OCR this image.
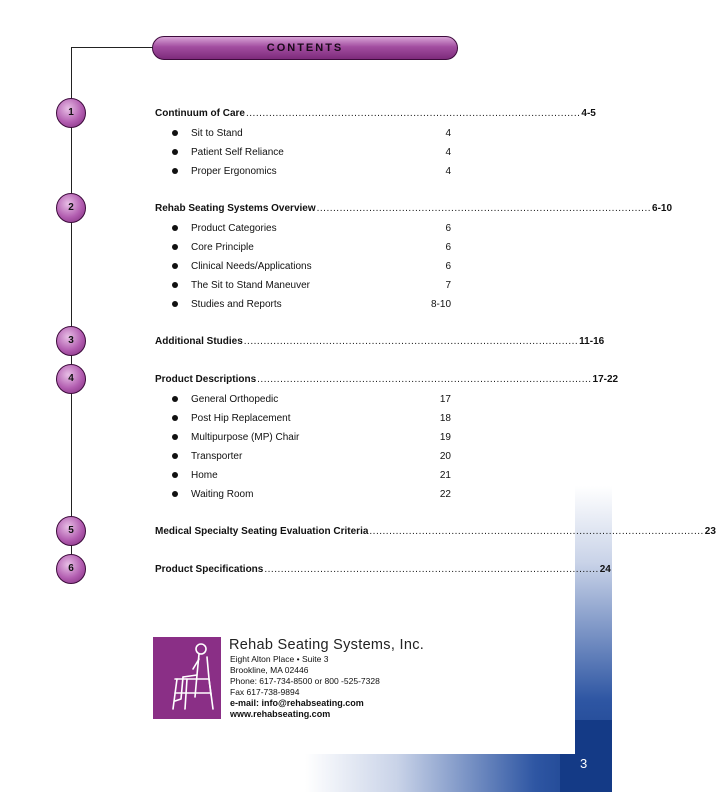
CONTENTS
1	Continuum of Care ...................................................................................................... 4-5
Sit to Stand	4
Patient Self Reliance	4
Proper Ergonomics	4
2	Rehab Seating Systems Overview ...................................................................................................... 6-10
Product Categories	6
Core Principle	6
Clinical Needs/Applications	6
The Sit to Stand Maneuver	7
Studies and Reports	8-10
3	Additional Studies ...................................................................................................... 11-16
4	Product Descriptions ...................................................................................................... 17-22
General Orthopedic	17
Post Hip Replacement	18
Multipurpose (MP) Chair	19
Transporter	20
Home	21
Waiting Room	22
5	Medical Specialty Seating Evaluation Criteria ...................................................................................................... 23
6	Product Specifications ...................................................................................................... 24
Rehab Seating Systems, Inc.
Eight Alton Place • Suite 3
Brookline, MA 02446
Phone: 617-734-8500 or 800 -525-7328
Fax 617-738-9894
e-mail: info@rehabseating.com
www.rehabseating.com
3
